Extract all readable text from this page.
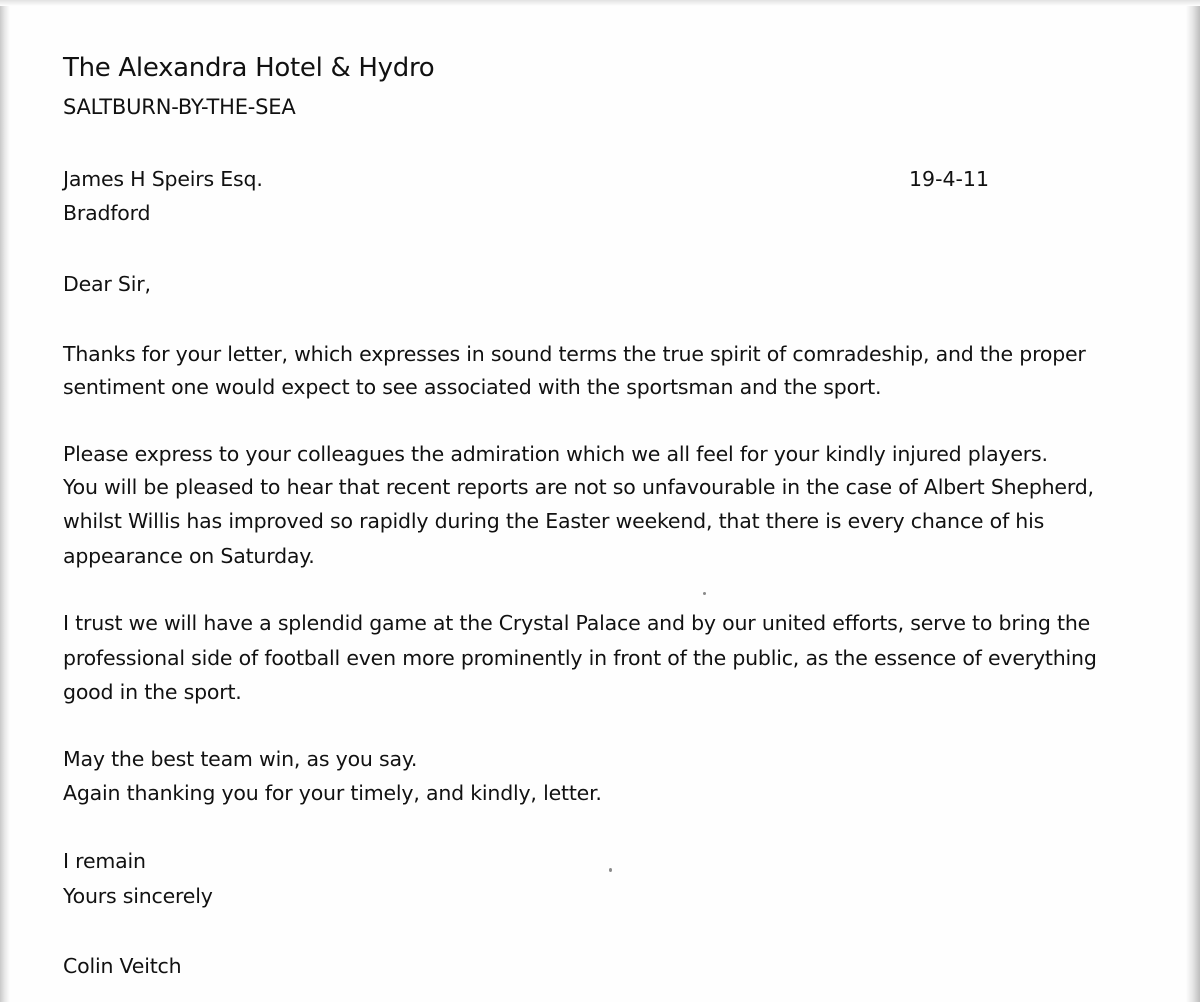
The Alexandra Hotel & Hydro
SALTBURN-BY-THE-SEA
James H Speirs Esq.
Bradford
19-4-11
Dear Sir,
Thanks for your letter, which expresses in sound terms the true spirit of comradeship, and the proper
sentiment one would expect to see associated with the sportsman and the sport.
Please express to your colleagues the admiration which we all feel for your kindly injured players.
You will be pleased to hear that recent reports are not so unfavourable in the case of Albert Shepherd,
whilst Willis has improved so rapidly during the Easter weekend, that there is every chance of his
appearance on Saturday.
I trust we will have a splendid game at the Crystal Palace and by our united efforts, serve to bring the
professional side of football even more prominently in front of the public, as the essence of everything
good in the sport.
May the best team win, as you say.
Again thanking you for your timely, and kindly, letter.
I remain
Yours sincerely
Colin Veitch
